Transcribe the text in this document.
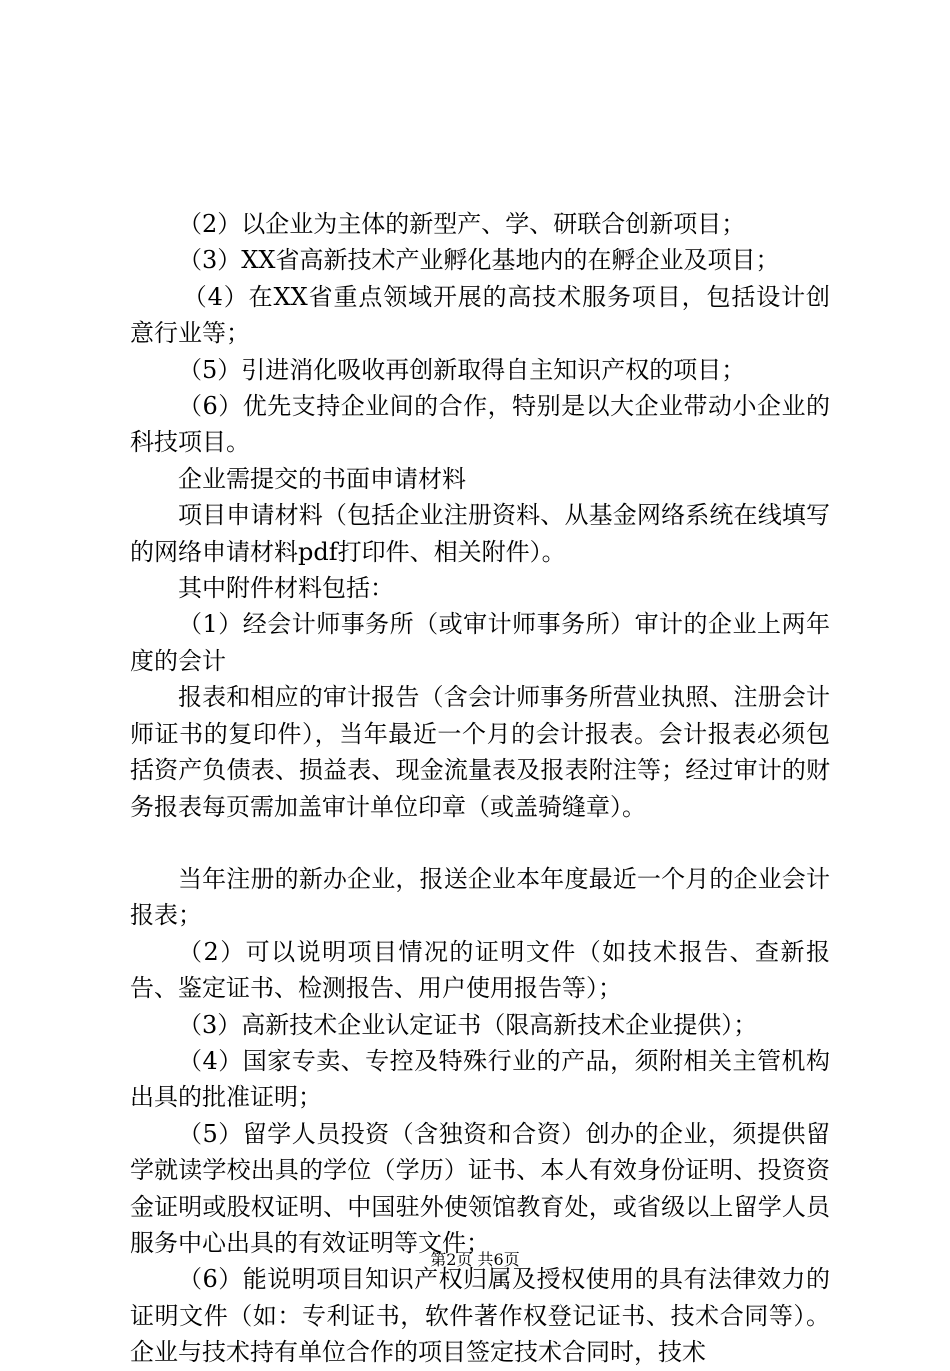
（2）以企业为主体的新型产、学、研联合创新项目；

（3）XX省高新技术产业孵化基地内的在孵企业及项目；

（4）在XX省重点领域开展的高技术服务项目，包括设计创意行业等；

（5）引进消化吸收再创新取得自主知识产权的项目；

（6）优先支持企业间的合作，特别是以大企业带动小企业的科技项目。

企业需提交的书面申请材料

项目申请材料（包括企业注册资料、从基金网络系统在线填写的网络申请材料pdf打印件、相关附件）。

其中附件材料包括：

（1）经会计师事务所（或审计师事务所）审计的企业上两年度的会计

报表和相应的审计报告（含会计师事务所营业执照、注册会计师证书的复印件），当年最近一个月的会计报表。会计报表必须包括资产负债表、损益表、现金流量表及报表附注等；经过审计的财务报表每页需加盖审计单位印章（或盖骑缝章）。

当年注册的新办企业，报送企业本年度最近一个月的企业会计报表；

（2）可以说明项目情况的证明文件（如技术报告、查新报告、鉴定证书、检测报告、用户使用报告等）；

（3）高新技术企业认定证书（限高新技术企业提供）；

（4）国家专卖、专控及特殊行业的产品，须附相关主管机构出具的批准证明；

（5）留学人员投资（含独资和合资）创办的企业，须提供留学就读学校出具的学位（学历）证书、本人有效身份证明、投资资金证明或股权证明、中国驻外使领馆教育处，或省级以上留学人员服务中心出具的有效证明等文件；

（6）能说明项目知识产权归属及授权使用的具有法律效力的证明文件（如：专利证书，软件著作权登记证书、技术合同等）。企业与技术持有单位合作的项目签定技术合同时，技术

第2页 共6页
